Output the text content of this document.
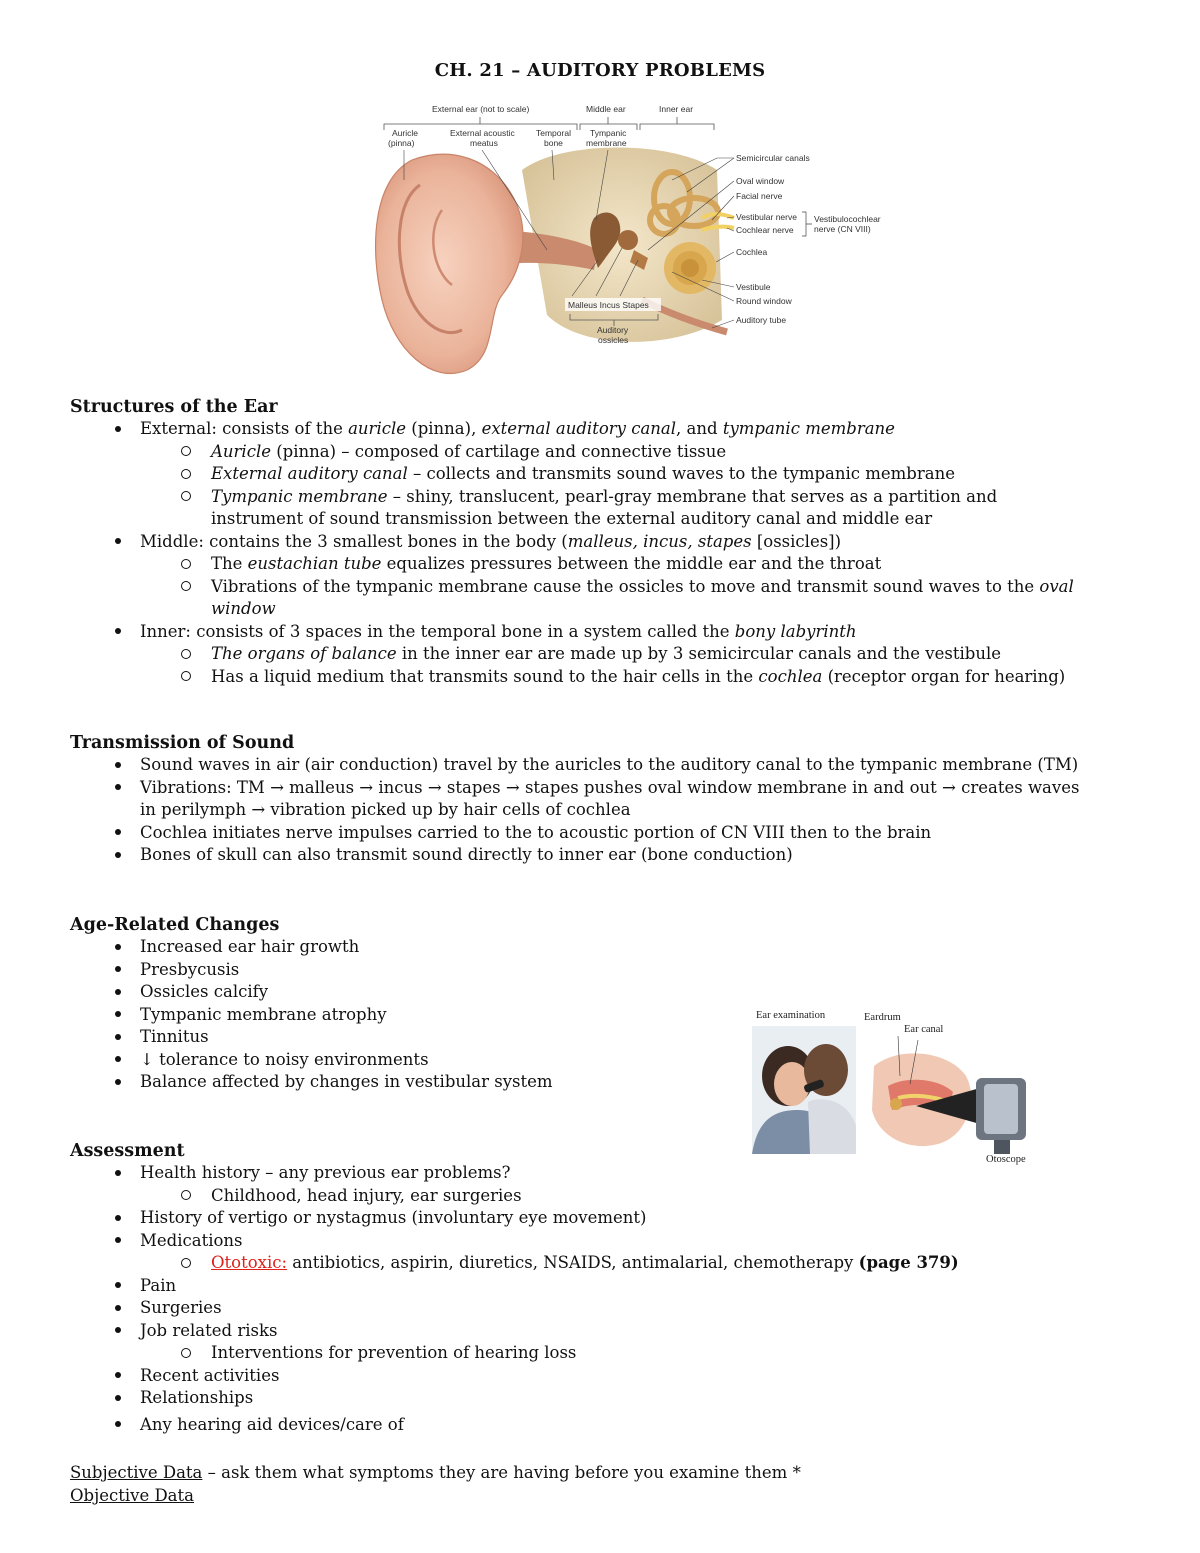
CH. 21 – AUDITORY PROBLEMS
External ear (not to scale)	Middle ear	Inner ear
Auricle
(pinna)
External acoustic
meatus
Temporal
bone
Tympanic
membrane
Semicircular canals
Oval window
Facial nerve
Vestibular nerve
Cochlear nerve
Vestibulocochlear
nerve (CN VIII)
Cochlea
Vestibule
Round window
Auditory tube
Malleus Incus Stapes
Auditory
ossicles
Ear examination	Eardrum
Ear canal
Otoscope
Structures of the Ear
External: consists of the auricle (pinna), external auditory canal, and tympanic membrane
Auricle (pinna) – composed of cartilage and connective tissue
External auditory canal – collects and transmits sound waves to the tympanic membrane
Tympanic membrane – shiny, translucent, pearl-gray membrane that serves as a partition and
instrument of sound transmission between the external auditory canal and middle ear
Middle: contains the 3 smallest bones in the body (malleus, incus, stapes [ossicles])
The eustachian tube equalizes pressures between the middle ear and the throat
Vibrations of the tympanic membrane cause the ossicles to move and transmit sound waves to the oval
window
Inner: consists of 3 spaces in the temporal bone in a system called the bony labyrinth
The organs of balance in the inner ear are made up by 3 semicircular canals and the vestibule
Has a liquid medium that transmits sound to the hair cells in the cochlea (receptor organ for hearing)
Transmission of Sound
Sound waves in air (air conduction) travel by the auricles to the auditory canal to the tympanic membrane (TM)
Vibrations: TM → malleus → incus → stapes → stapes pushes oval window membrane in and out → creates waves
in perilymph → vibration picked up by hair cells of cochlea
Cochlea initiates nerve impulses carried to the to acoustic portion of CN VIII then to the brain
Bones of skull can also transmit sound directly to inner ear (bone conduction)
Age-Related Changes
Increased ear hair growth
Presbycusis
Ossicles calcify
Tympanic membrane atrophy
Tinnitus
↓ tolerance to noisy environments
Balance affected by changes in vestibular system
Assessment
Health history – any previous ear problems?
Childhood, head injury, ear surgeries
History of vertigo or nystagmus (involuntary eye movement)
Medications
Ototoxic: antibiotics, aspirin, diuretics, NSAIDS, antimalarial, chemotherapy (page 379)
Pain
Surgeries
Job related risks
Interventions for prevention of hearing loss
Recent activities
Relationships
Any hearing aid devices/care of
Subjective Data – ask them what symptoms they are having before you examine them *
Objective Data
